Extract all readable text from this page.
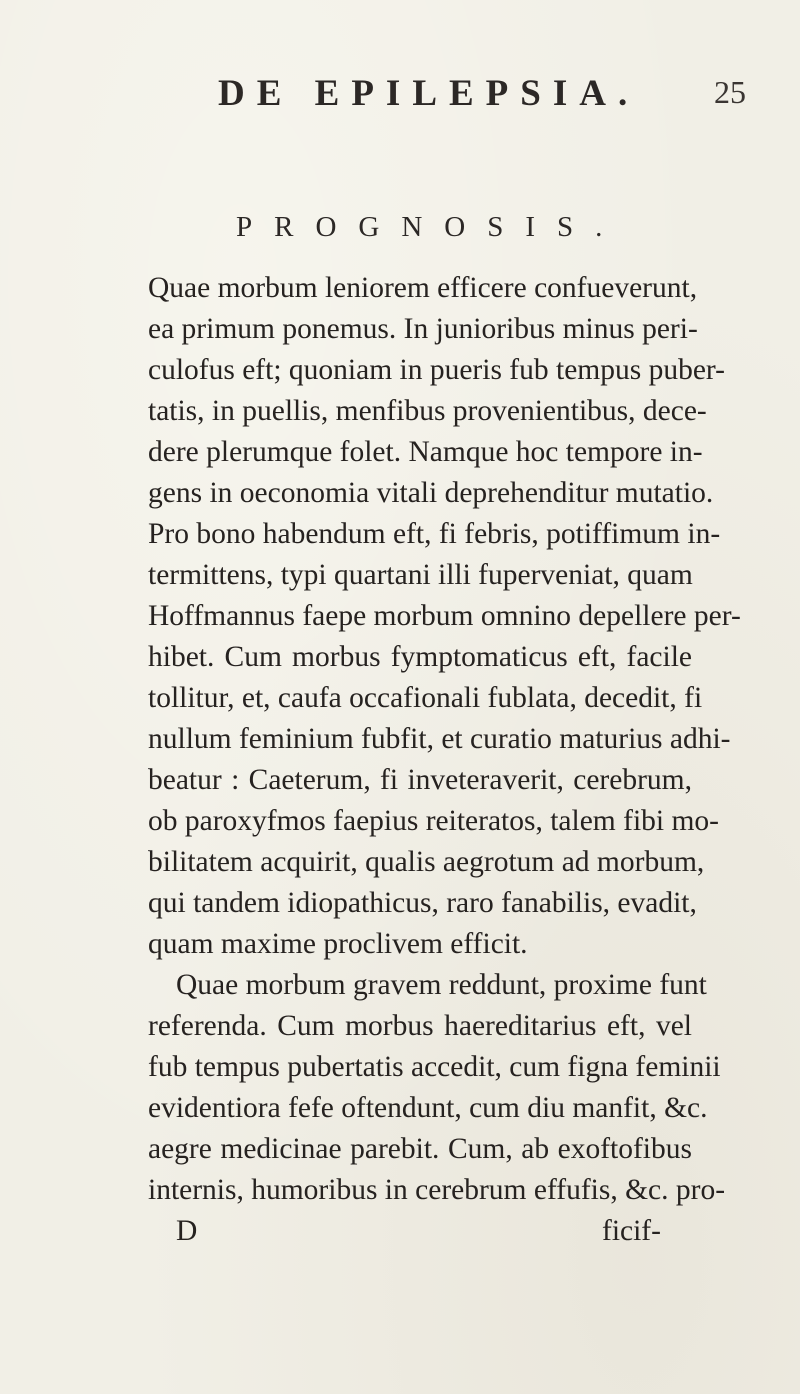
DE EPILEPSIA. 25
PROGNOSIS.
Quae morbum leniorem efficere confueverunt,
ea primum ponemus. In junioribus minus peri-
culofus eft; quoniam in pueris fub tempus puber-
tatis, in puellis, menfibus provenientibus, dece-
dere plerumque folet. Namque hoc tempore in-
gens in oeconomia vitali deprehenditur mutatio.
Pro bono habendum eft, fi febris, potiffimum in-
termittens, typi quartani illi fuperveniat, quam
Hoffmannus faepe morbum omnino depellere per-
hibet. Cum morbus fymptomaticus eft, facile
tollitur, et, caufa occafionali fublata, decedit, fi
nullum feminium fubfit, et curatio maturius adhi-
beatur : Caeterum, fi inveteraverit, cerebrum,
ob paroxyfmos faepius reiteratos, talem fibi mo-
bilitatem acquirit, qualis aegrotum ad morbum,
qui tandem idiopathicus, raro fanabilis, evadit,
quam maxime proclivem efficit.
Quae morbum gravem reddunt, proxime funt
referenda. Cum morbus haereditarius eft, vel
fub tempus pubertatis accedit, cum figna feminii
evidentiora fefe oftendunt, cum diu manfit, &c.
aegre medicinae parebit. Cum, ab exoftofibus
internis, humoribus in cerebrum effufis, &c. pro-
D	ficif-
